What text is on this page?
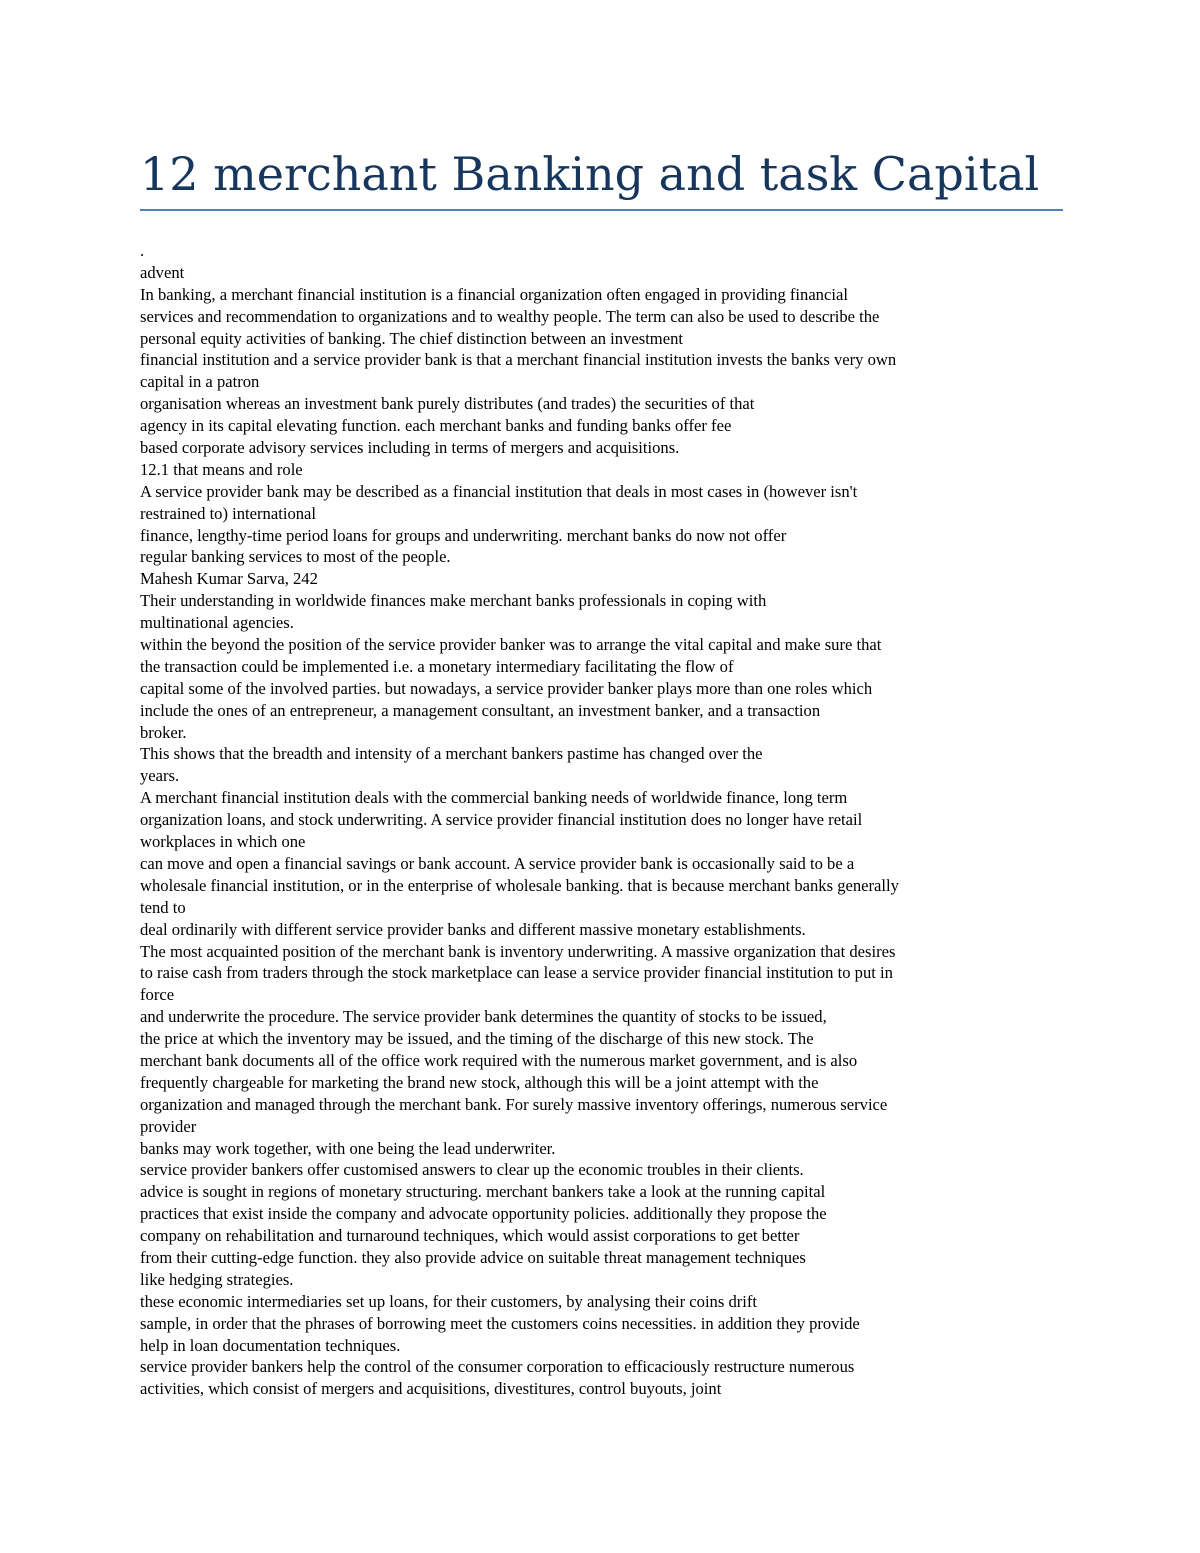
12 merchant Banking and task Capital
.
advent
In banking, a merchant financial institution is a financial organization often engaged in providing financial
services and recommendation to organizations and to wealthy people. The term can also be used to describe the
personal equity activities of banking. The chief distinction between an investment
financial institution and a service provider bank is that a merchant financial institution invests the banks very own
capital in a patron
organisation whereas an investment bank purely distributes (and trades) the securities of that
agency in its capital elevating function. each merchant banks and funding banks offer fee
based corporate advisory services including in terms of mergers and acquisitions.
12.1 that means and role
A service provider bank may be described as a financial institution that deals in most cases in (however isn't
restrained to) international
finance, lengthy-time period loans for groups and underwriting. merchant banks do now not offer
regular banking services to most of the people.
Mahesh Kumar Sarva, 242
Their understanding in worldwide finances make merchant banks professionals in coping with
multinational agencies.
within the beyond the position of the service provider banker was to arrange the vital capital and make sure that
the transaction could be implemented i.e. a monetary intermediary facilitating the flow of
capital some of the involved parties. but nowadays, a service provider banker plays more than one roles which
include the ones of an entrepreneur, a management consultant, an investment banker, and a transaction
broker.
This shows that the breadth and intensity of a merchant bankers pastime has changed over the
years.
A merchant financial institution deals with the commercial banking needs of worldwide finance, long term
organization loans, and stock underwriting. A service provider financial institution does no longer have retail
workplaces in which one
can move and open a financial savings or bank account. A service provider bank is occasionally said to be a
wholesale financial institution, or in the enterprise of wholesale banking. that is because merchant banks generally
tend to
deal ordinarily with different service provider banks and different massive monetary establishments.
The most acquainted position of the merchant bank is inventory underwriting. A massive organization that desires
to raise cash from traders through the stock marketplace can lease a service provider financial institution to put in
force
and underwrite the procedure. The service provider bank determines the quantity of stocks to be issued,
the price at which the inventory may be issued, and the timing of the discharge of this new stock. The
merchant bank documents all of the office work required with the numerous market government, and is also
frequently chargeable for marketing the brand new stock, although this will be a joint attempt with the
organization and managed through the merchant bank. For surely massive inventory offerings, numerous service
provider
banks may work together, with one being the lead underwriter.
service provider bankers offer customised answers to clear up the economic troubles in their clients.
advice is sought in regions of monetary structuring. merchant bankers take a look at the running capital
practices that exist inside the company and advocate opportunity policies. additionally they propose the
company on rehabilitation and turnaround techniques, which would assist corporations to get better
from their cutting-edge function. they also provide advice on suitable threat management techniques
like hedging strategies.
these economic intermediaries set up loans, for their customers, by analysing their coins drift
sample, in order that the phrases of borrowing meet the customers coins necessities. in addition they provide
help in loan documentation techniques.
service provider bankers help the control of the consumer corporation to efficaciously restructure numerous
activities, which consist of mergers and acquisitions, divestitures, control buyouts, joint
